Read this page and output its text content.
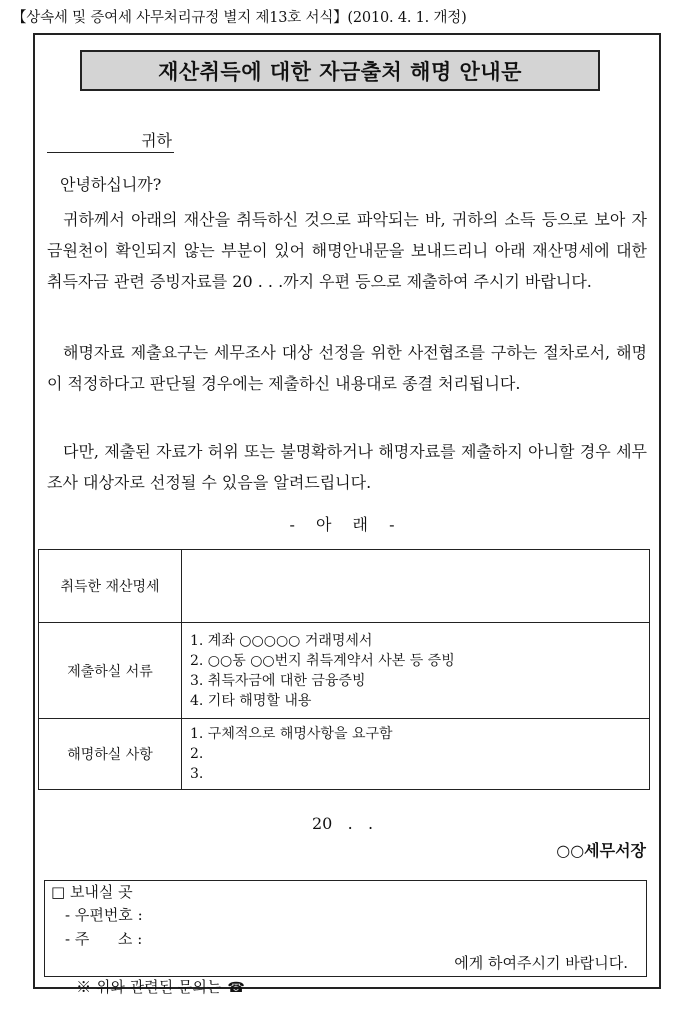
【상속세 및 증여세 사무처리규정 별지 제13호 서식】(2010. 4. 1. 개정)
재산취득에 대한 자금출처 해명 안내문
귀하
안녕하십니까?
귀하께서 아래의 재산을 취득하신 것으로 파악되는 바, 귀하의 소득 등으로 보아 자금원천이 확인되지 않는 부분이 있어 해명안내문을 보내드리니 아래 재산명세에 대한 취득자금 관련 증빙자료를 20 . . .까지 우편 등으로 제출하여 주시기 바랍니다.
해명자료 제출요구는 세무조사 대상 선정을 위한 사전협조를 구하는 절차로서, 해명이 적정하다고 판단될 경우에는 제출하신 내용대로 종결 처리됩니다.
다만, 제출된 자료가 허위 또는 불명확하거나 해명자료를 제출하지 아니할 경우 세무조사 대상자로 선정될 수 있음을 알려드립니다.
- 아 래 -
취득한 재산명세	
제출하실 서류	1. 계좌 ○○○○○ 거래명세서
2. ○○동 ○○번지 취득계약서 사본 등 증빙
3. 취득자금에 대한 금융증빙
4. 기타 해명할 내용

해명하실 사항	1. 구체적으로 해명사항을 요구함
2.
3.
20   .   .
○○세무서장
□ 보내실 곳
- 우편번호 :
- 주      소 :

※ 위와 관련된 문의는 ☎

에게 하여주시기 바랍니다.
